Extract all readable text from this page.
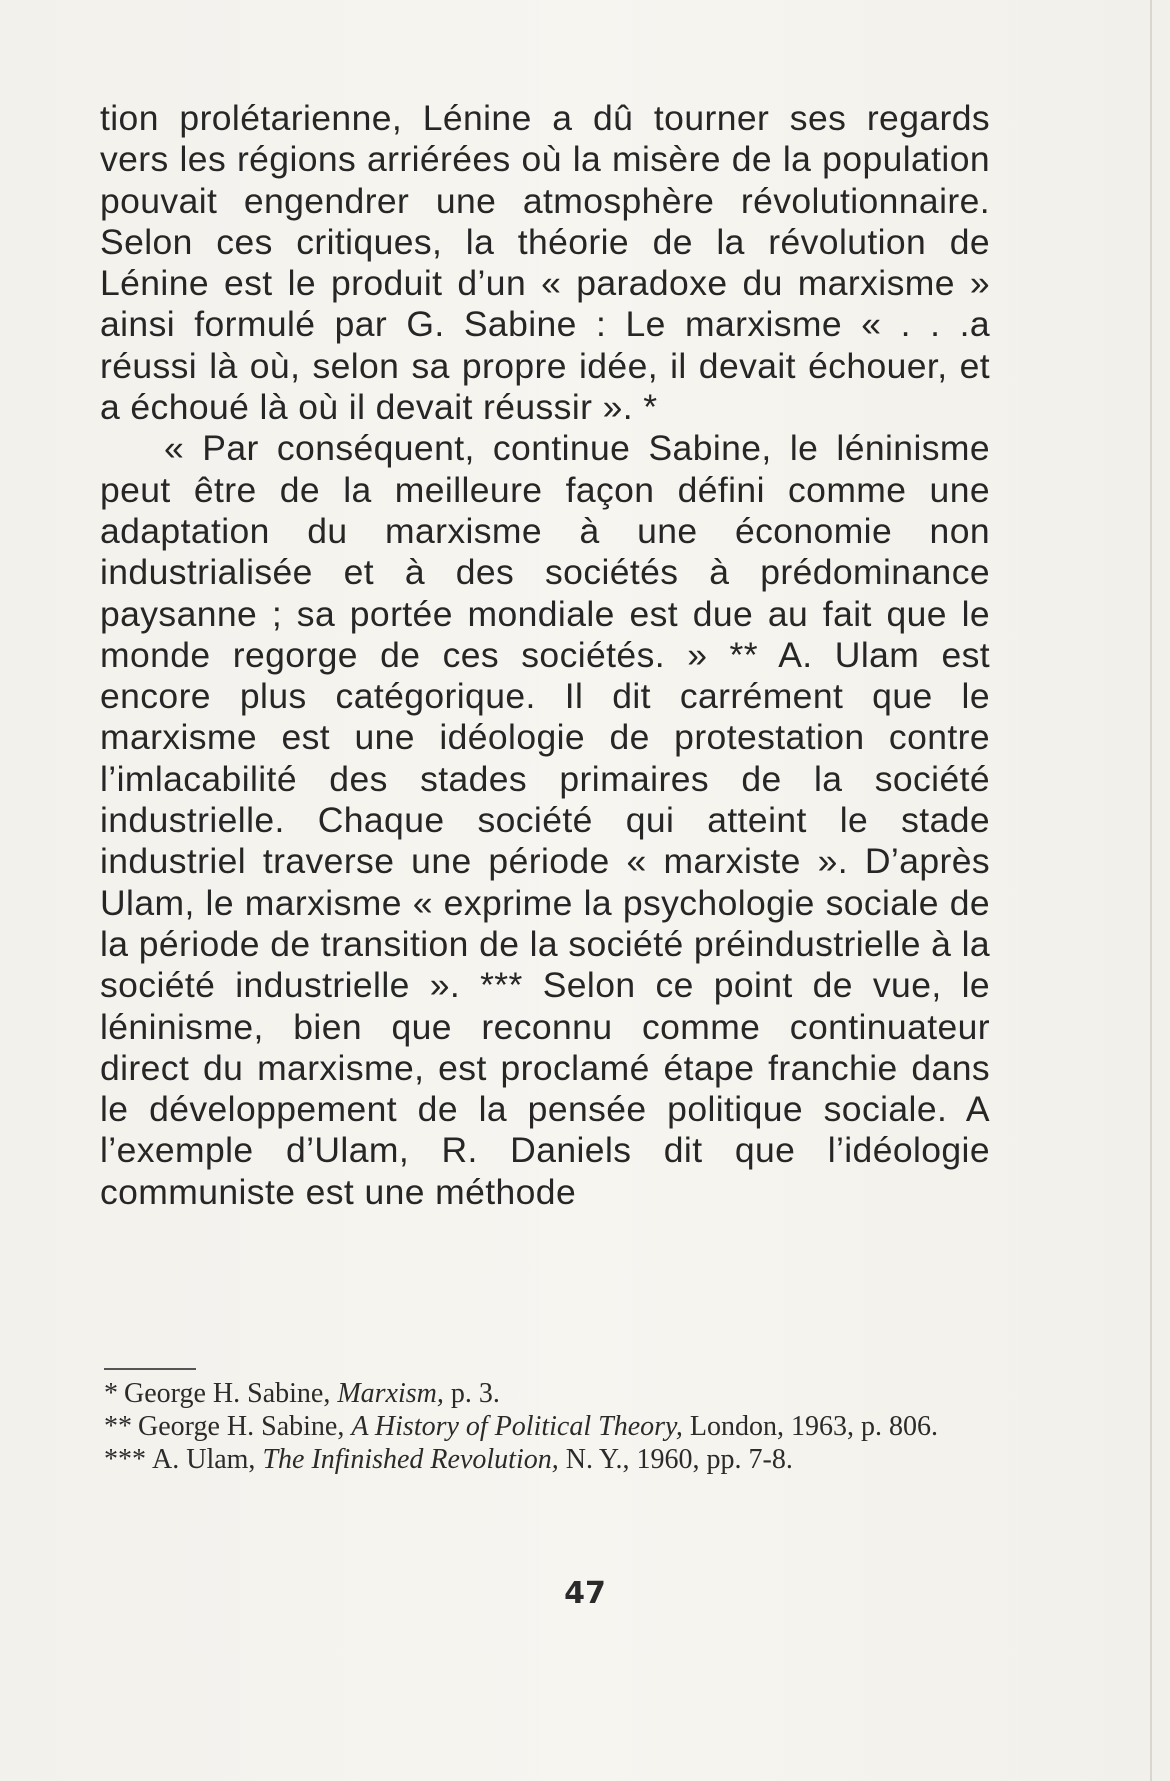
tion prolétarienne, Lénine a dû tourner ses regards vers les régions arriérées où la misère de la population pouvait engendrer une atmosphère révolutionnaire. Selon ces critiques, la théorie de la révolution de Lénine est le produit d’un « paradoxe du marxisme » ainsi formulé par G. Sabine : Le marxisme « . . .a réussi là où, selon sa propre idée, il devait échouer, et a échoué là où il devait réussir ». *

« Par conséquent, continue Sabine, le léninisme peut être de la meilleure façon défini comme une adaptation du marxisme à une économie non industrialisée et à des sociétés à prédominance paysanne ; sa portée mondiale est due au fait que le monde regorge de ces sociétés. » ** A. Ulam est encore plus catégorique. Il dit carrément que le marxisme est une idéologie de protestation contre l’imlacabilité des stades primaires de la société industrielle. Chaque société qui atteint le stade industriel traverse une période « marxiste ». D’après Ulam, le marxisme « exprime la psychologie sociale de la période de transition de la société préindustrielle à la société industrielle ». *** Selon ce point de vue, le léninisme, bien que reconnu comme continuateur direct du marxisme, est proclamé étape franchie dans le développement de la pensée politique sociale. A l’exemple d’Ulam, R. Daniels dit que l’idéologie communiste est une méthode

* George H. Sabine, Marxism, p. 3.

** George H. Sabine, A History of Political Theory, London, 1963, p. 806.

*** A. Ulam, The Infinished Revolution, N. Y., 1960, pp. 7-8.

47
